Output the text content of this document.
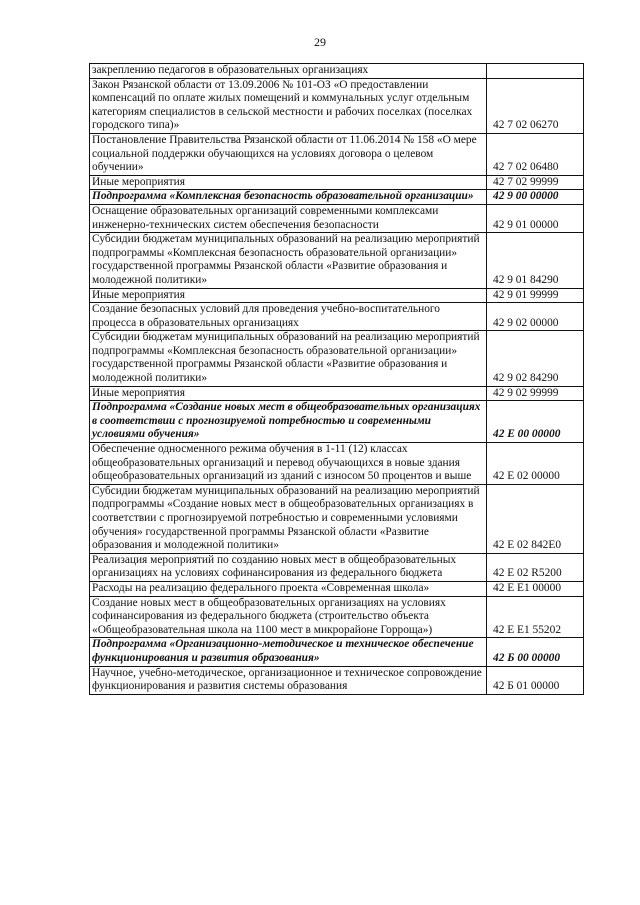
29
закреплению педагогов в образовательных организациях	
Закон Рязанской области от 13.09.2006 № 101-ОЗ «О предоставлении компенсаций по оплате жилых помещений и коммунальных услуг отдельным категориям специалистов в сельской местности и рабочих поселках (поселках городского типа)»	42 7 02 06270
Постановление Правительства Рязанской области от 11.06.2014 № 158 «О мере социальной поддержки обучающихся на условиях договора о целевом обучении»	42 7 02 06480
Иные мероприятия	42 7 02 99999
Подпрограмма «Комплексная безопасность образовательной организации»	42 9 00 00000
Оснащение образовательных организаций современными комплексами инженерно-технических систем обеспечения безопасности	42 9 01 00000
Субсидии бюджетам муниципальных образований на реализацию мероприятий подпрограммы «Комплексная безопасность образовательной организации» государственной программы Рязанской области «Развитие образования и молодежной политики»	42 9 01 84290
Иные мероприятия	42 9 01 99999
Создание безопасных условий для проведения учебно-воспитательного процесса в образовательных организациях	42 9 02 00000
Субсидии бюджетам муниципальных образований на реализацию мероприятий подпрограммы «Комплексная безопасность образовательной организации» государственной программы Рязанской области «Развитие образования и молодежной политики»	42 9 02 84290
Иные мероприятия	42 9 02 99999
Подпрограмма «Создание новых мест в общеобразовательных организациях в соответствии с прогнозируемой потребностью и современными условиями обучения»	42 Е 00 00000
Обеспечение односменного режима обучения в 1-11 (12) классах общеобразовательных организаций и перевод обучающихся в новые здания общеобразовательных организаций из зданий с износом 50 процентов и выше	42 Е 02 00000
Субсидии бюджетам муниципальных образований на реализацию мероприятий подпрограммы «Создание новых мест в общеобразовательных организациях в соответствии с прогнозируемой потребностью и современными условиями обучения» государственной программы Рязанской области «Развитие образования и молодежной политики»	42 Е 02 842Е0
Реализация мероприятий по созданию новых мест в общеобразовательных организациях на условиях софинансирования из федерального бюджета	42 Е 02 R5200
Расходы на реализацию федерального проекта «Современная школа»	42 Е Е1 00000
Создание новых мест в общеобразовательных организациях на условиях софинансирования из федерального бюджета (строительство объекта «Общеобразовательная школа на 1100 мест в микрорайоне Горроща»)	42 Е Е1 55202
Подпрограмма «Организационно-методическое и техническое обеспечение функционирования и развития образования»	42 Б 00 00000
Научное, учебно-методическое, организационное и техническое сопровождение функционирования и развития системы образования	42 Б 01 00000
